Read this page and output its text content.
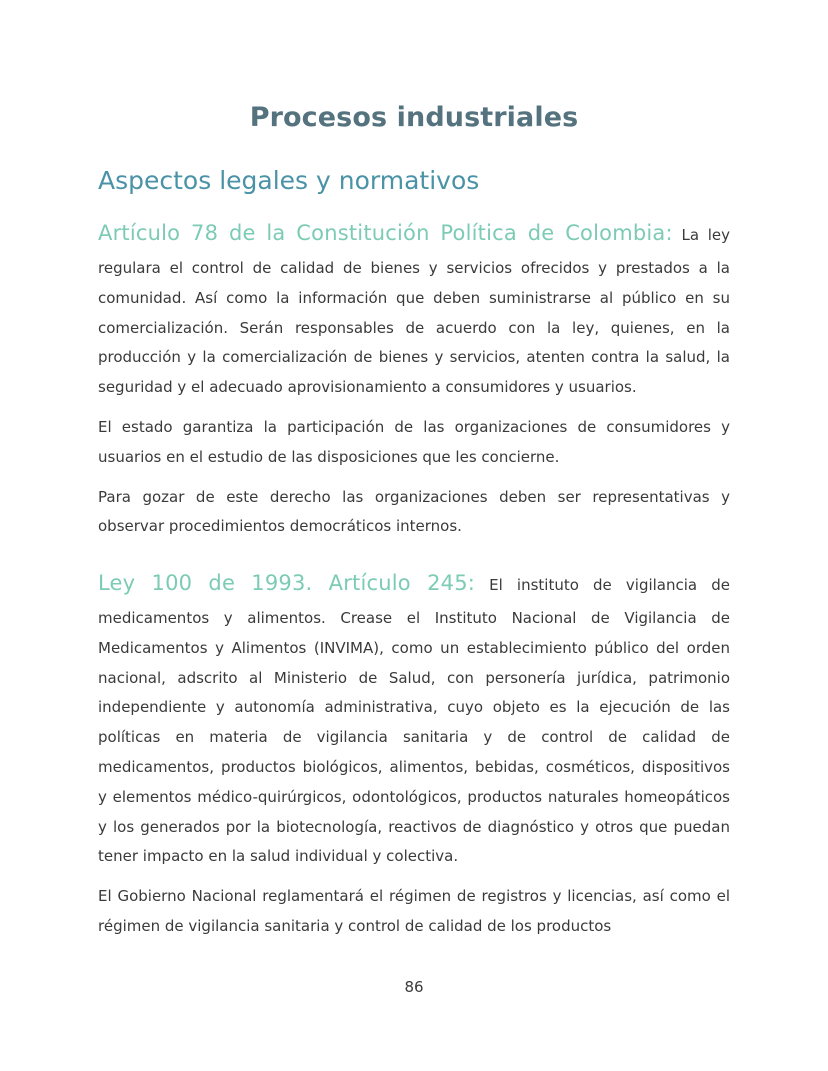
Procesos industriales
Aspectos legales y normativos

Artículo 78 de la Constitución Política de Colombia: La ley

regulara el control de calidad de bienes y servicios ofrecidos y prestados a la comunidad. Así como la información que deben suministrarse al público en su comercialización. Serán responsables de acuerdo con la ley, quienes, en la producción y la comercialización de bienes y servicios, atenten contra la salud, la seguridad y el adecuado aprovisionamiento a consumidores y usuarios.

El estado garantiza la participación de las organizaciones de consumidores y usuarios en el estudio de las disposiciones que les concierne.

Para gozar de este derecho las organizaciones deben ser representativas y observar procedimientos democráticos internos.

Ley 100 de 1993. Artículo 245: El instituto de vigilancia de

medicamentos y alimentos. Crease el Instituto Nacional de Vigilancia de Medicamentos y Alimentos (INVIMA), como un establecimiento público del orden nacional, adscrito al Ministerio de Salud, con personería jurídica, patrimonio independiente y autonomía administrativa, cuyo objeto es la ejecución de las políticas en materia de vigilancia sanitaria y de control de calidad de medicamentos, productos biológicos, alimentos, bebidas, cosméticos, dispositivos y elementos médico-quirúrgicos, odontológicos, productos naturales homeopáticos y los generados por la biotecnología, reactivos de diagnóstico y otros que puedan tener impacto en la salud individual y colectiva.

El Gobierno Nacional reglamentará el régimen de registros y licencias, así como el régimen de vigilancia sanitaria y control de calidad de los productos

86
